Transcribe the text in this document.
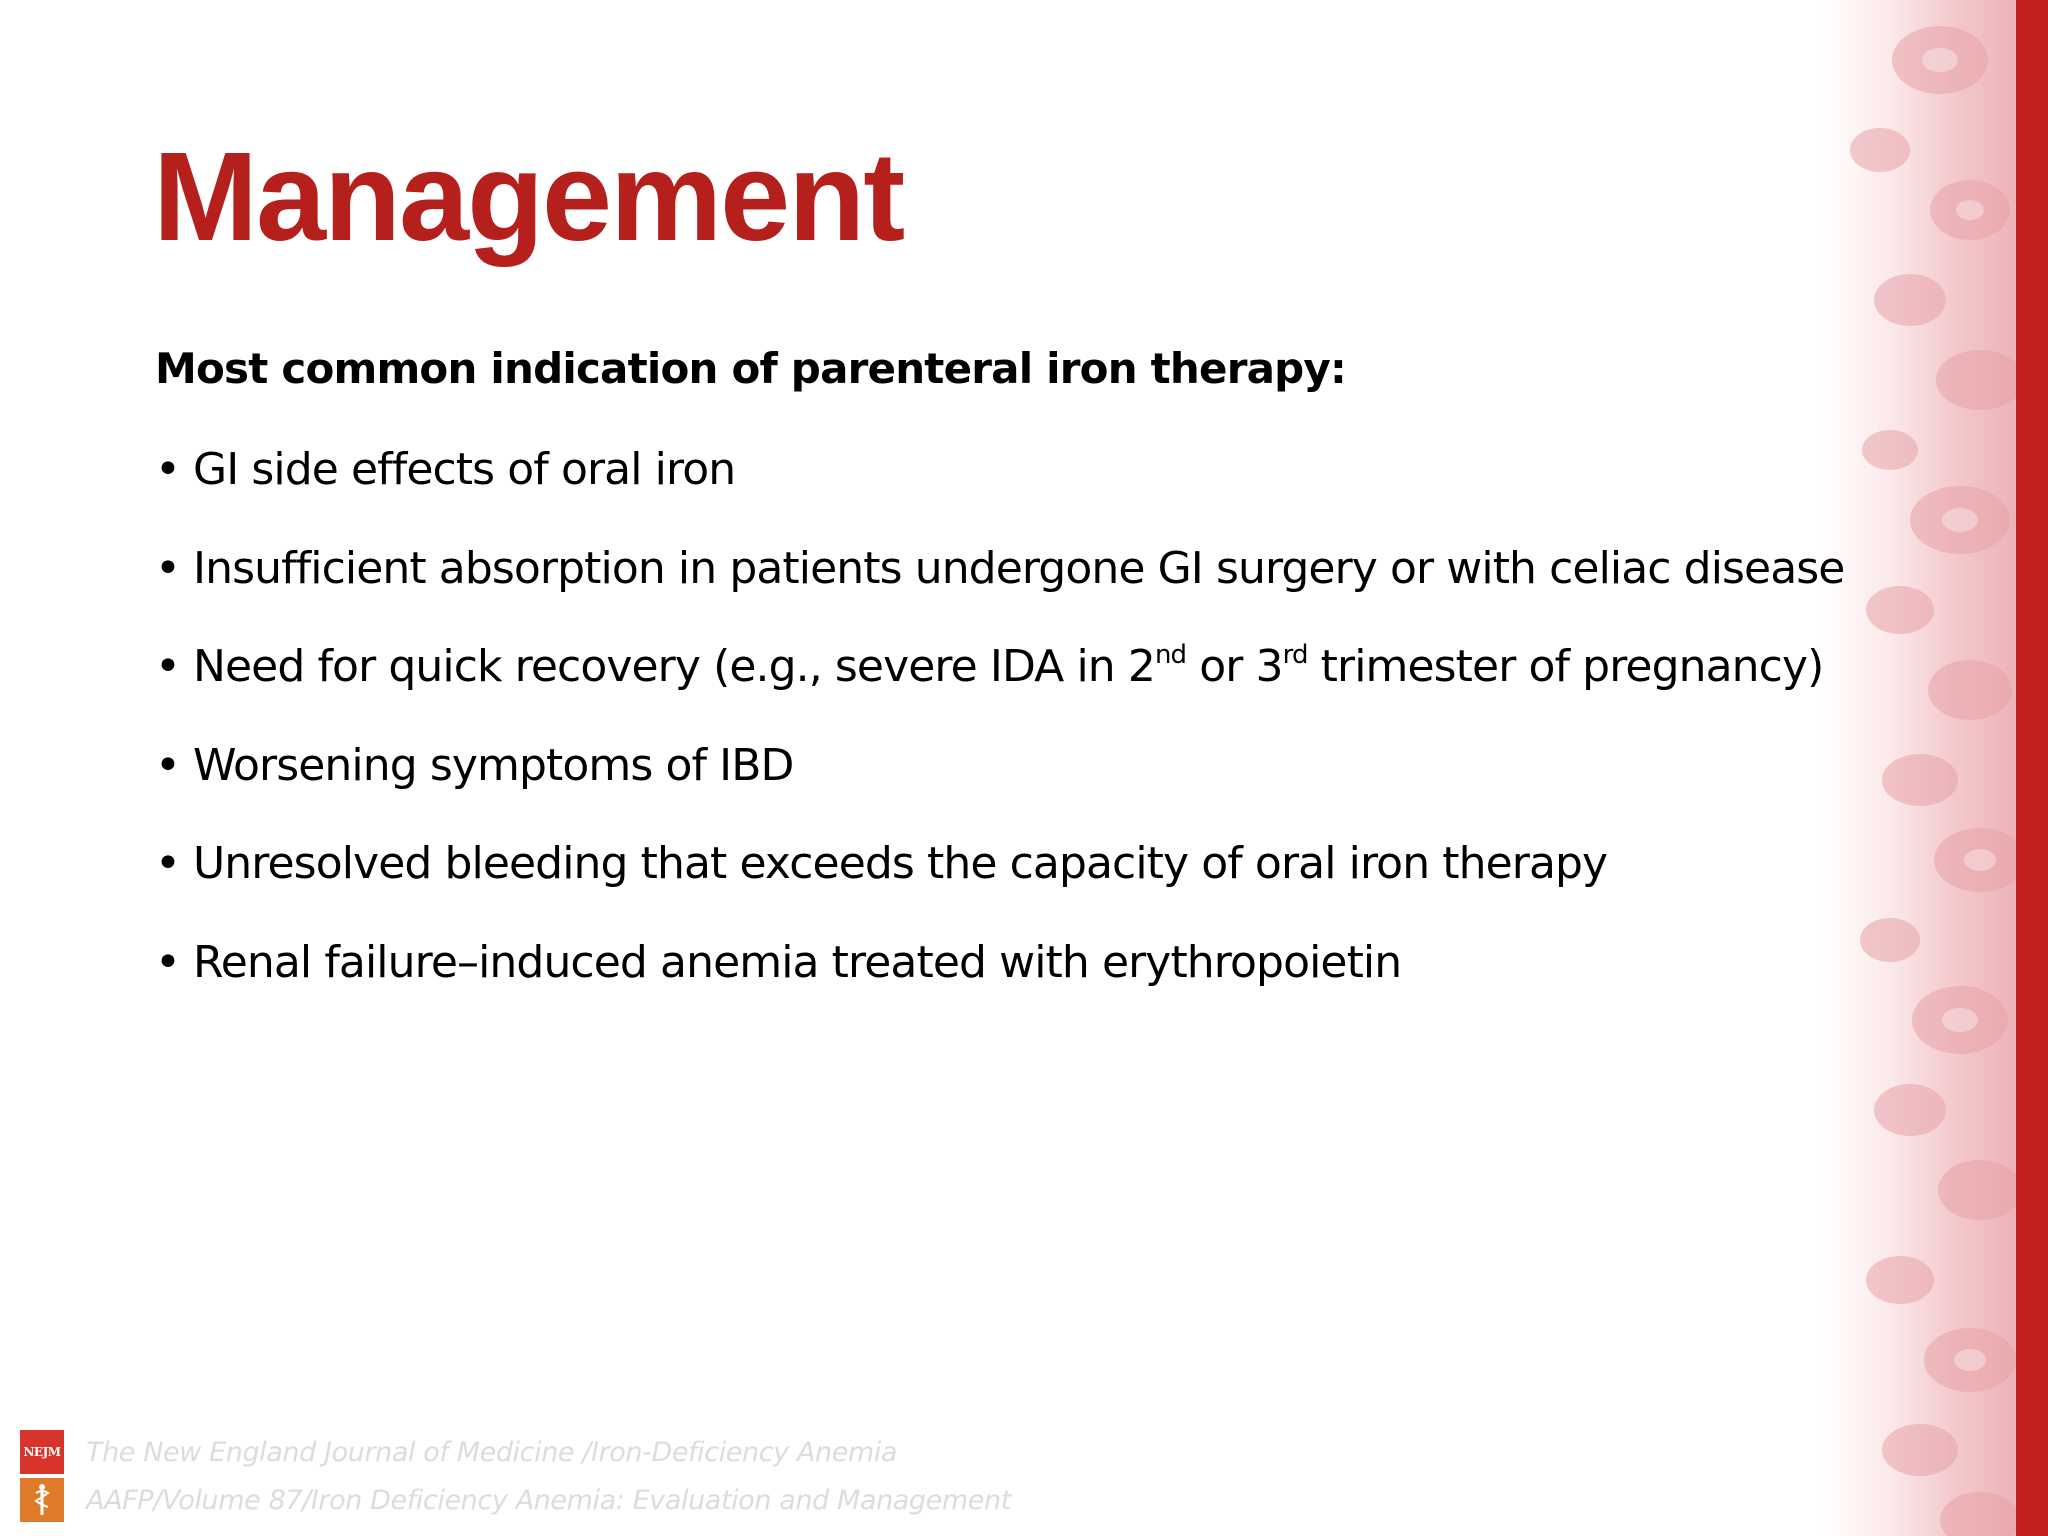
Management

Most common indication of parenteral iron therapy:

• GI side effects of oral iron
• Insufficient absorption in patients undergone GI surgery or with celiac disease
• Need for quick recovery (e.g., severe IDA in 2nd or 3rd trimester of pregnancy)
• Worsening symptoms of IBD
• Unresolved bleeding that exceeds the capacity of oral iron therapy
• Renal failure–induced anemia treated with erythropoietin
NEJM The New England Journal of Medicine /Iron-Deficiency Anemia
AAFP/Volume 87/Iron Deficiency Anemia: Evaluation and Management
